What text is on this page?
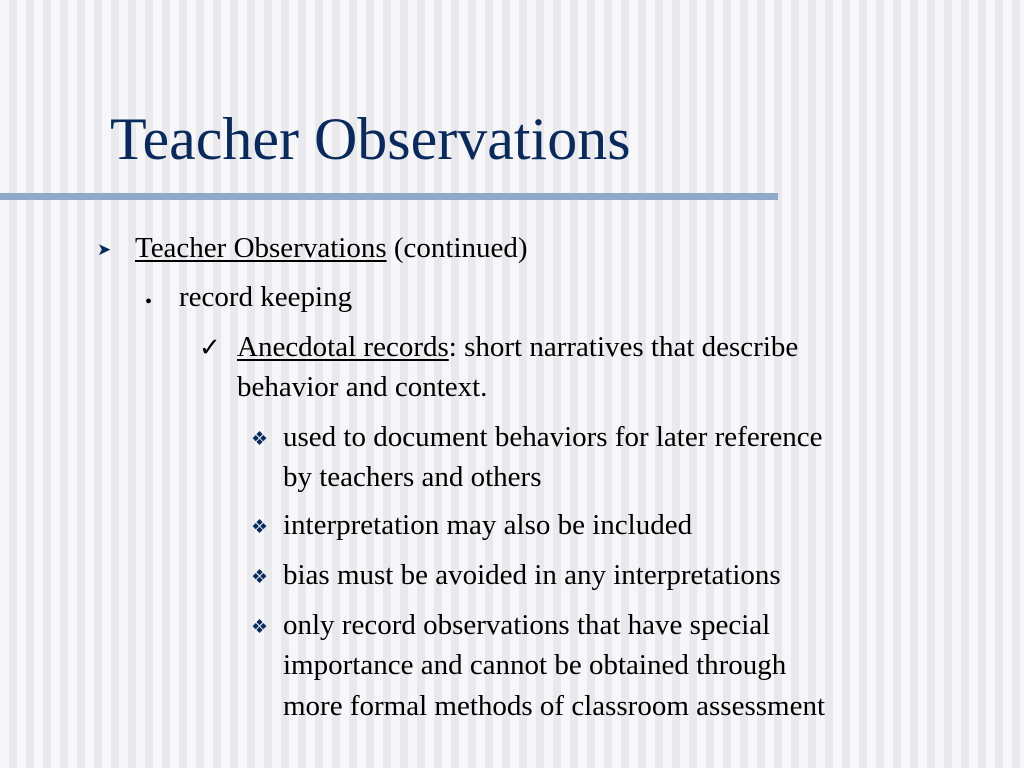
Teacher Observations
➤ Teacher Observations (continued)
• record keeping
✓ Anecdotal records: short narratives that describe
behavior and context.
❖ used to document behaviors for later reference
by teachers and others
❖ interpretation may also be included
❖ bias must be avoided in any interpretations
❖ only record observations that have special
importance and cannot be obtained through
more formal methods of classroom assessment
